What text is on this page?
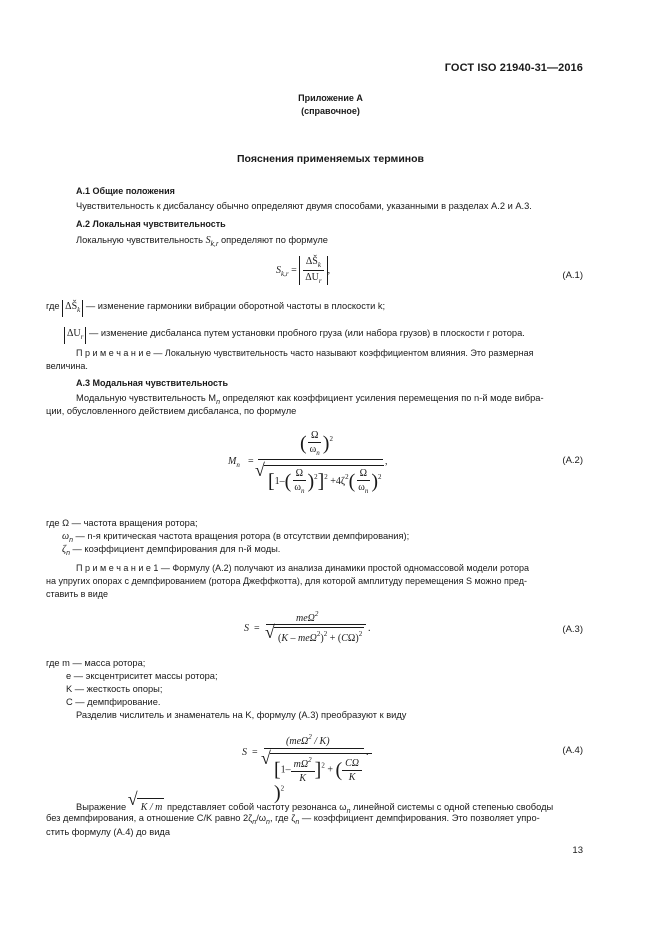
ГОСТ ISO 21940-31—2016
Приложение А
(справочное)
Пояснения применяемых терминов
А.1 Общие положения
Чувствительность к дисбалансу обычно определяют двумя способами, указанными в разделах А.2 и А.3.
А.2 Локальная чувствительность
Локальную чувствительность $S_{k,r}$ определяют по формуле
$S_{k,r} = \frac{\Delta Š_k}{\Delta U_r}$ ,	(A.1)
где $\Delta Š_k$ — изменение гармоники вибрации оборотной частоты в плоскости k;
$\Delta U_r$ — изменение дисбаланса путем установки пробного груза (или набора грузов) в плоскости r ротора.
П р и м е ч а н и е — Локальную чувствительность часто называют коэффициентом влияния. Это размерная
величина.
А.3 Модальная чувствительность
Модальную чувствительность $M_n$ определяют как коэффициент усиления перемещения по n-й моде вибра-
ции, обусловленного действием дисбаланса, по формуле
$M_n$ =
( $\frac{\Omega}{\omega_n} )^2$
√ $[1-( \frac{\Omega}{\omega_n} )^2]^2 +4\zeta^2( \frac{\Omega}{\omega_n} )^2$
,	(A.2)
где Ω — частота вращения ротора;
$\omega_n$ — n-я критическая частота вращения ротора (в отсутствии демпфирования);
$\zeta_n$ — коэффициент демпфирования для n-й моды.
П р и м е ч а н и е 1 — Формулу (А.2) получают из анализа динамики простой одномассовой модели ротора
на упругих опорах с демпфированием (ротора Джеффкотта), для которой амплитуду перемещения S можно пред-
ставить в виде
S =
meΩ$^2$
√ $(K - me\Omega^2)^2 + (C\Omega)^2$ .	(A.3)
где m — масса ротора;
e — эксцентриситет массы ротора;
K — жесткость опоры;
C — демпфирование.
Разделив числитель и знаменатель на K, формулу (А.3) преобразуют к виду
S =
(meΩ$^2$ / K)
√ $[1- \frac{m\Omega^2}{K} ]^2$ + ( $\frac{C\Omega}{K}$
)$^2$
.	(A.4)
Выражение √ K / m представляет собой частоту резонанса $\omega_n$ линейной системы с одной степенью свободы
без демпфирования, а отношение C/K равно $2\zeta_n/\omega_n$, где $\zeta_n$ — коэффициент демпфирования. Это позволяет упро-
стить формулу (А.4) до вида
13
